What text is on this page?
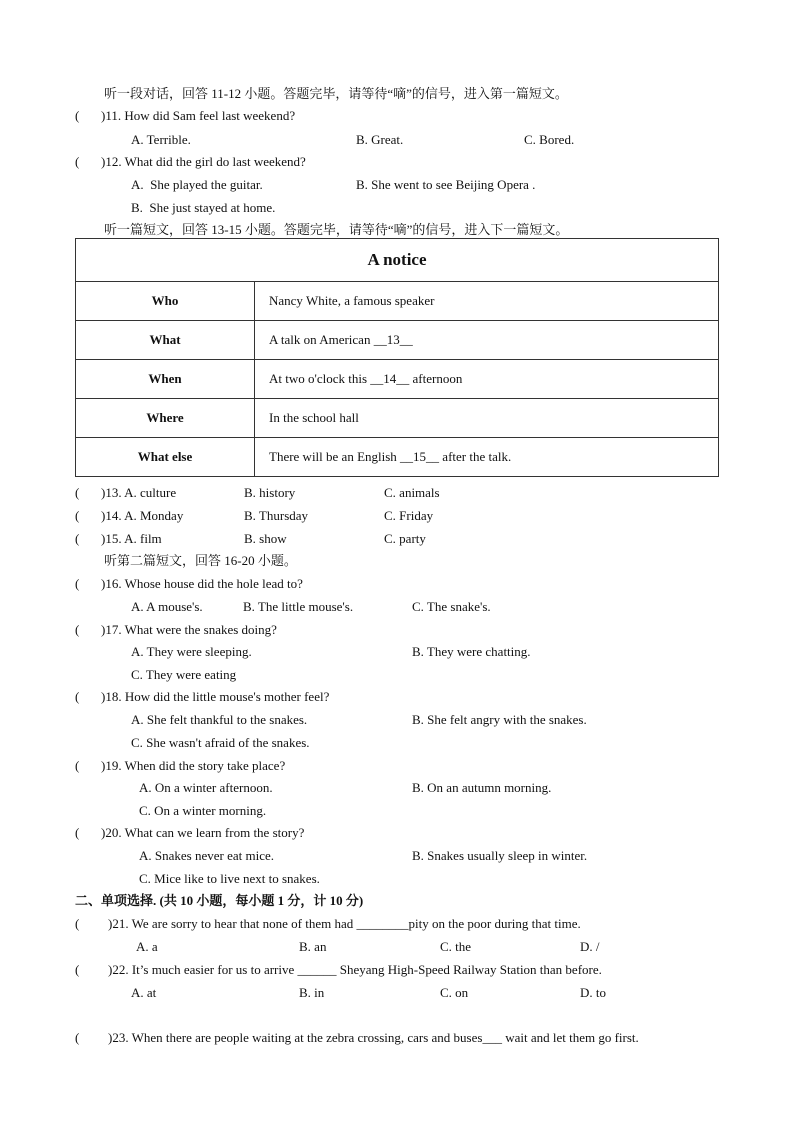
听一段对话，回答 11-12 小题。答题完毕，请等待“嘀”的信号，进入第一篇短文。
( )11. How did Sam feel last weekend?
A. Terrible.	B. Great.	C. Bored.
( )12. What did the girl do last weekend?
A.  She played the guitar.	B. She went to see Beijing Opera .
B.  She just stayed at home.
听一篇短文，回答 13-15 小题。答题完毕，请等待“嘀”的信号，进入下一篇短文。
A notice	
Who	Nancy White, a famous speaker
What	A talk on American __13__
When	At two o'clock this __14__ afternoon
Where	In the school hall
What else	There will be an English __15__ after the talk.
( )13. A. culture	B. history	C. animals
( )14. A. Monday	B. Thursday	C. Friday
( )15. A. film	B. show	C. party
听第二篇短文，回答 16-20 小题。
( )16. Whose house did the hole lead to?
A. A mouse's.	B. The little mouse's.	C. The snake's.
( )17. What were the snakes doing?
A. They were sleeping.	B. They were chatting.
C. They were eating
( )18. How did the little mouse's mother feel?
A. She felt thankful to the snakes.	B. She felt angry with the snakes.
C. She wasn't afraid of the snakes.
( )19. When did the story take place?
A. On a winter afternoon.	B. On an autumn morning.
C. On a winter morning.
( )20. What can we learn from the story?
A. Snakes never eat mice.	B. Snakes usually sleep in winter.
C. Mice like to live next to snakes.
二、单项选择. (共 10 小题，每小题 1 分，计 10 分)
( )21. We are sorry to hear that none of them had ________pity on the poor during that time.
A. a	B. an	C. the	D. /
( )22. It’s much easier for us to arrive ______ Sheyang High-Speed Railway Station than before.
A. at	B. in	C. on	D. to
( )23. When there are people waiting at the zebra crossing, cars and buses___ wait and let them go first.
